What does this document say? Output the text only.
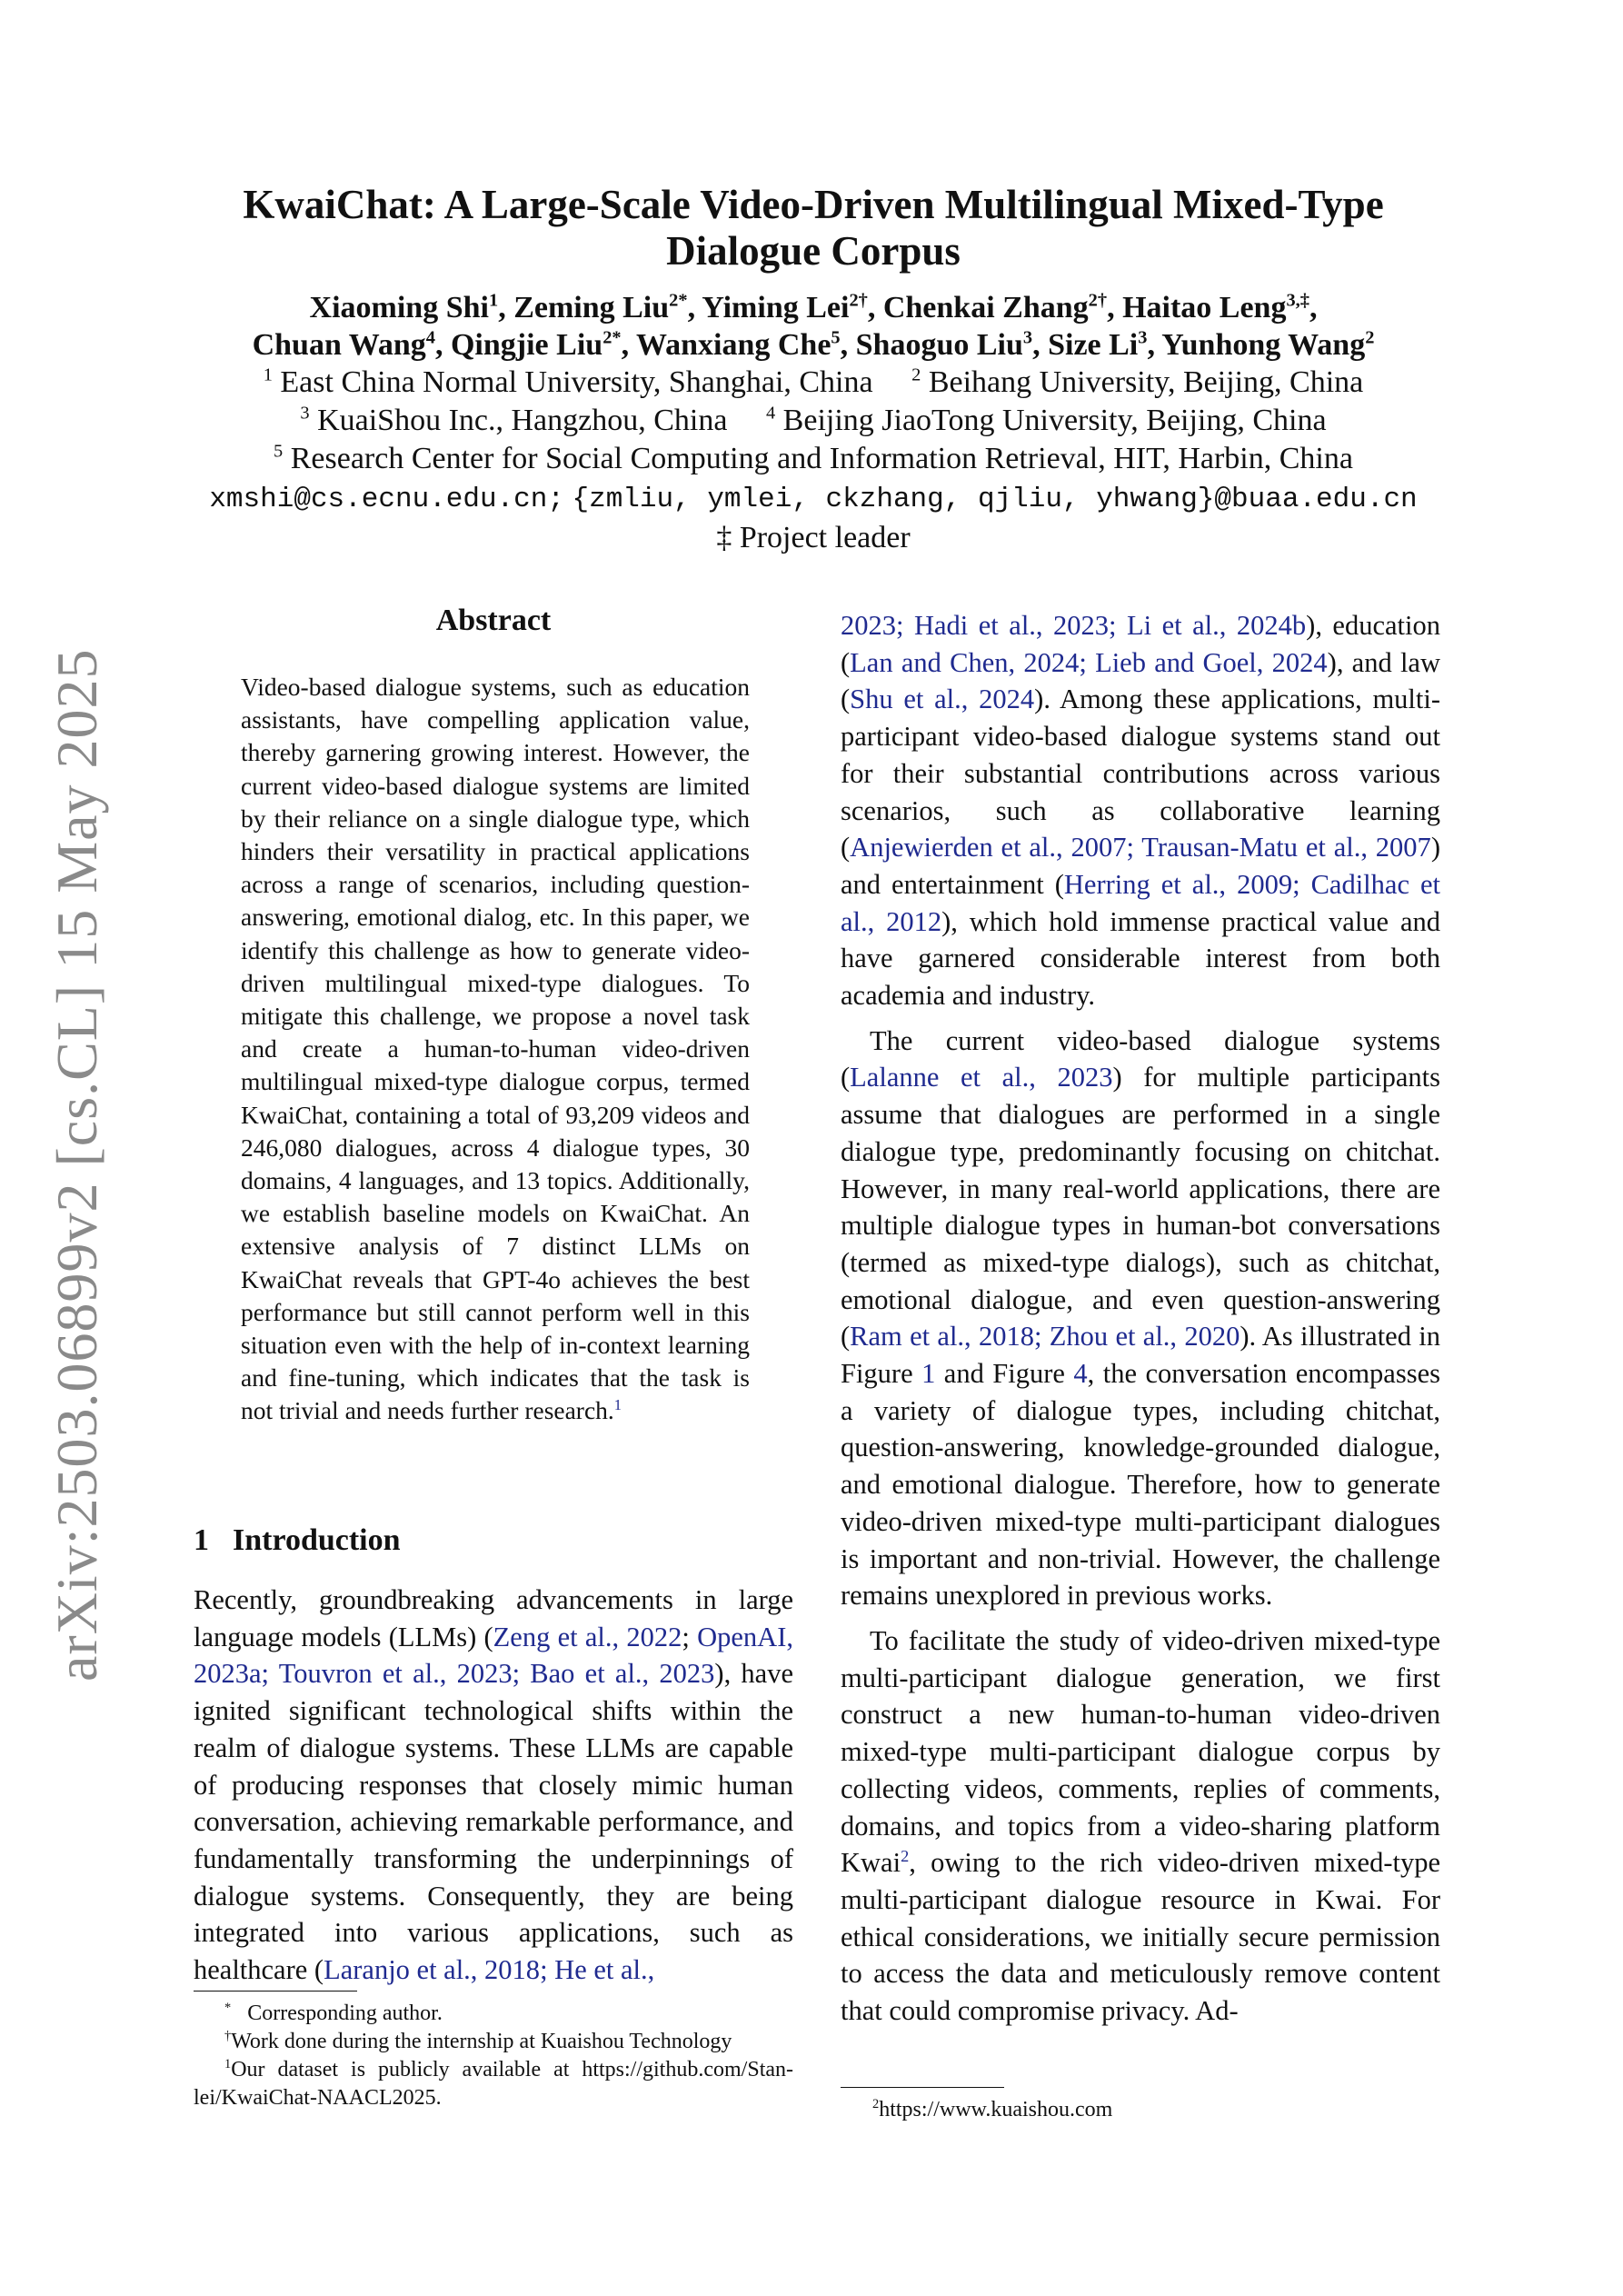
arXiv:2503.06899v2 [cs.CL] 15 May 2025
KwaiChat: A Large-Scale Video-Driven Multilingual Mixed-Type Dialogue Corpus
Xiaoming Shi$^1$, Zeming Liu$^{2*}$, Yiming Lei$^{2\dagger}$, Chenkai Zhang$^{2\dagger}$, Haitao Leng$^{3,\ddagger}$,
Chuan Wang$^4$, Qingjie Liu$^{2*}$, Wanxiang Che$^5$, Shaoguo Liu$^3$, Size Li$^3$, Yunhong Wang$^2$
$^1$ East China Normal University, Shanghai, China $^2$ Beihang University, Beijing, China
$^3$ KuaiShou Inc., Hangzhou, China $^4$ Beijing JiaoTong University, Beijing, China
$^5$ Research Center for Social Computing and Information Retrieval, HIT, Harbin, China
xmshi@cs.ecnu.edu.cn; {zmliu, ymlei, ckzhang, qjliu, yhwang}@buaa.edu.cn
‡ Project leader
Abstract
Video-based dialogue systems, such as education assistants, have compelling application value, thereby garnering growing interest. However, the current video-based dialogue systems are limited by their reliance on a single dialogue type, which hinders their versatility in practical applications across a range of scenarios, including question-answering, emotional dialog, etc. In this paper, we identify this challenge as how to generate video-driven multilingual mixed-type dialogues. To mitigate this challenge, we propose a novel task and create a human-to-human video-driven multilingual mixed-type dialogue corpus, termed KwaiChat, containing a total of 93,209 videos and 246,080 dialogues, across 4 dialogue types, 30 domains, 4 languages, and 13 topics. Additionally, we establish baseline models on KwaiChat. An extensive analysis of 7 distinct LLMs on KwaiChat reveals that GPT-4o achieves the best performance but still cannot perform well in this situation even with the help of in-context learning and fine-tuning, which indicates that the task is not trivial and needs further research.$^1$
1 Introduction

Recently, groundbreaking advancements in large language models (LLMs) (Zeng et al., 2022; OpenAI, 2023a; Touvron et al., 2023; Bao et al., 2023), have ignited significant technological shifts within the realm of dialogue systems. These LLMs are capable of producing responses that closely mimic human conversation, achieving remarkable performance, and fundamentally transforming the underpinnings of dialogue systems. Consequently, they are being integrated into various applications, such as healthcare (Laranjo et al., 2018; He et al.,

2023; Hadi et al., 2023; Li et al., 2024b), education (Lan and Chen, 2024; Lieb and Goel, 2024), and law (Shu et al., 2024). Among these applications, multi-participant video-based dialogue systems stand out for their substantial contributions across various scenarios, such as collaborative learning (Anjewierden et al., 2007; Trausan-Matu et al., 2007) and entertainment (Herring et al., 2009; Cadilhac et al., 2012), which hold immense practical value and have garnered considerable interest from both academia and industry.

The current video-based dialogue systems (Lalanne et al., 2023) for multiple participants assume that dialogues are performed in a single dialogue type, predominantly focusing on chitchat. However, in many real-world applications, there are multiple dialogue types in human-bot conversations (termed as mixed-type dialogs), such as chitchat, emotional dialogue, and even question-answering (Ram et al., 2018; Zhou et al., 2020). As illustrated in Figure 1 and Figure 4, the conversation encompasses a variety of dialogue types, including chitchat, question-answering, knowledge-grounded dialogue, and emotional dialogue. Therefore, how to generate video-driven mixed-type multi-participant dialogues is important and non-trivial. However, the challenge remains unexplored in previous works.

To facilitate the study of video-driven mixed-type multi-participant dialogue generation, we first construct a new human-to-human video-driven mixed-type multi-participant dialogue corpus by collecting videos, comments, replies of comments, domains, and topics from a video-sharing platform Kwai$^2$, owing to the rich video-driven mixed-type multi-participant dialogue resource in Kwai. For ethical considerations, we initially secure permission to access the data and meticulously remove content that could compromise privacy. Ad-

* Corresponding author.

†Work done during the internship at Kuaishou Technology

$^1$Our dataset is publicly available at https://github.com/Stan-lei/KwaiChat-NAACL2025.	$^2$https://www.kuaishou.com
